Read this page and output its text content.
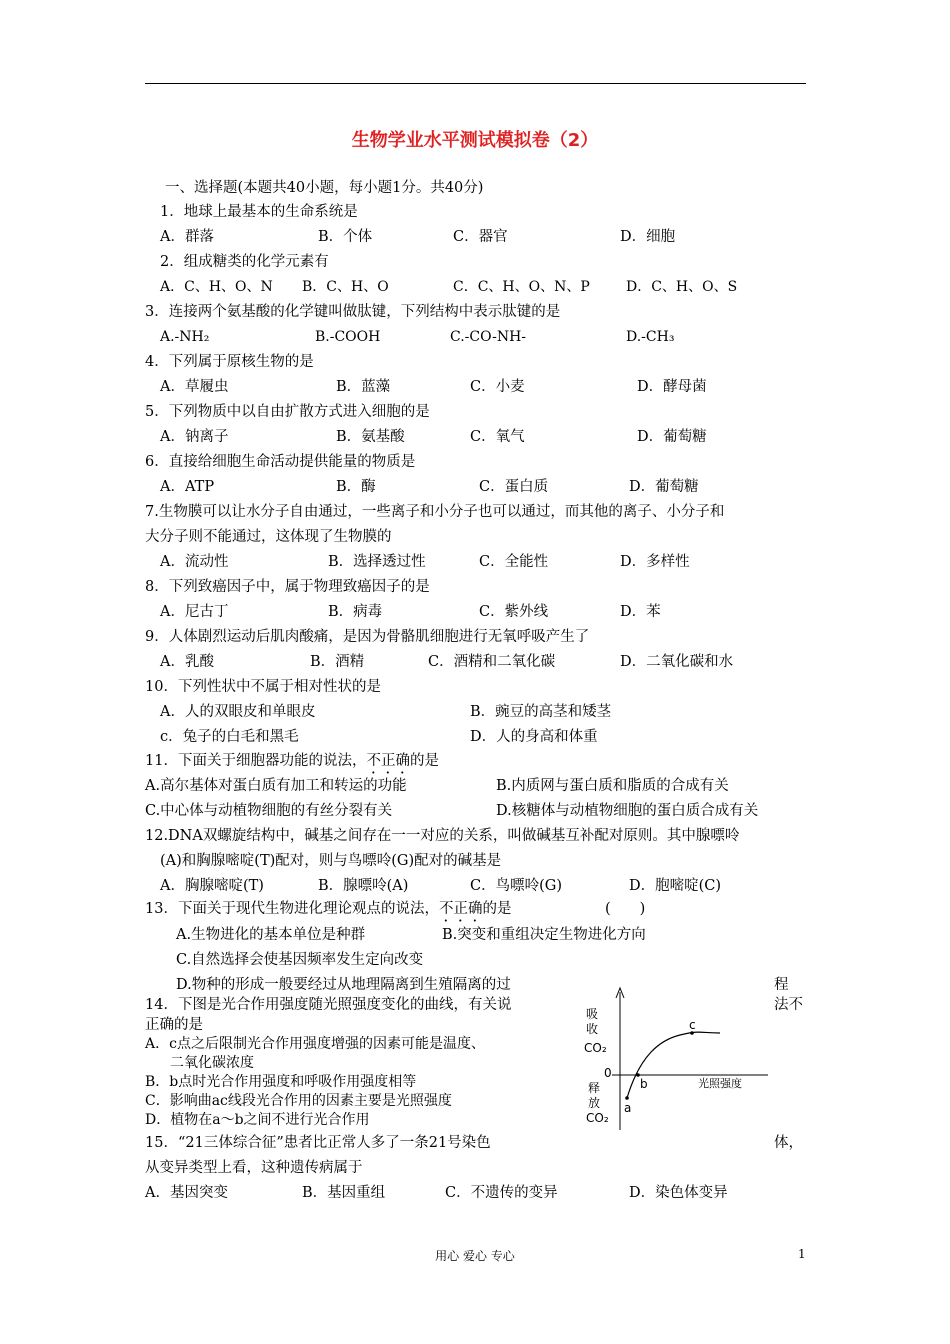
生物学业水平测试模拟卷（2）
一、选择题(本题共40小题，每小题1分。共40分)
1．地球上最基本的生命系统是
A．群落	B．个体	C．器官	D．细胞
2．组成糖类的化学元素有
A．C、H、O、N B．C、H、O	C．C、H、O、N、P	D．C、H、O、S
3．连接两个氨基酸的化学键叫做肽键，下列结构中表示肽键的是
A.-NH₂	B.-COOH	C.-CO-NH-	D.-CH₃
4．下列属于原核生物的是
A．草履虫	B．蓝藻	C．小麦	D．酵母菌
5．下列物质中以自由扩散方式进入细胞的是
A．钠离子	B．氨基酸	C．氧气	D．葡萄糖
6．直接给细胞生命活动提供能量的物质是
A．ATP	B．酶	C．蛋白质	D．葡萄糖
7.生物膜可以让水分子自由通过，一些离子和小分子也可以通过，而其他的离子、小分子和
大分子则不能通过，这体现了生物膜的
A．流动性	B．选择透过性	C．全能性	D．多样性
8．下列致癌因子中，属于物理致癌因子的是
A．尼古丁	B．病毒	C．紫外线	D．苯
9．人体剧烈运动后肌肉酸痛，是因为骨骼肌细胞进行无氧呼吸产生了
A．乳酸	B．酒精	C．酒精和二氧化碳	D．二氧化碳和水
10．下列性状中不属于相对性状的是
A．人的双眼皮和单眼皮	B．豌豆的高茎和矮茎
c．兔子的白毛和黑毛	D．人的身高和体重
11．下面关于细胞器功能的说法，不正确的是
A.高尔基体对蛋白质有加工和转运的功能	B.内质网与蛋白质和脂质的合成有关
C.中心体与动植物细胞的有丝分裂有关	D.核糖体与动植物细胞的蛋白质合成有关
12.DNA双螺旋结构中，碱基之间存在一一对应的关系，叫做碱基互补配对原则。其中腺嘌呤
(A)和胸腺嘧啶(T)配对，则与鸟嘌呤(G)配对的碱基是
A．胸腺嘧啶(T)	B．腺嘌呤(A)	C．鸟嘌呤(G)	D．胞嘧啶(C)
13．下面关于现代生物进化理论观点的说法，不正确的是	(　　)
A.生物进化的基本单位是种群	B.突变和重组决定生物进化方向
C.自然选择会使基因频率发生定向改变
D.物种的形成一般要经过从地理隔离到生殖隔离的过	程
14．下图是光合作用强度随光照强度变化的曲线，有关说	法不
正确的是
A．c点之后限制光合作用强度增强的因素可能是温度、
二氧化碳浓度
B．b点时光合作用强度和呼吸作用强度相等
C．影响曲ac线段光合作用的因素主要是光照强度
D．植物在a～b之间不进行光合作用
吸
收
CO₂
0
释
放
CO₂
光照强度
a
b
c
15．“21三体综合征”患者比正常人多了一条21号染色	体，
从变异类型上看，这种遗传病属于
A．基因突变	B．基因重组	C．不遗传的变异	D．染色体变异
用心 爱心 专心	1
